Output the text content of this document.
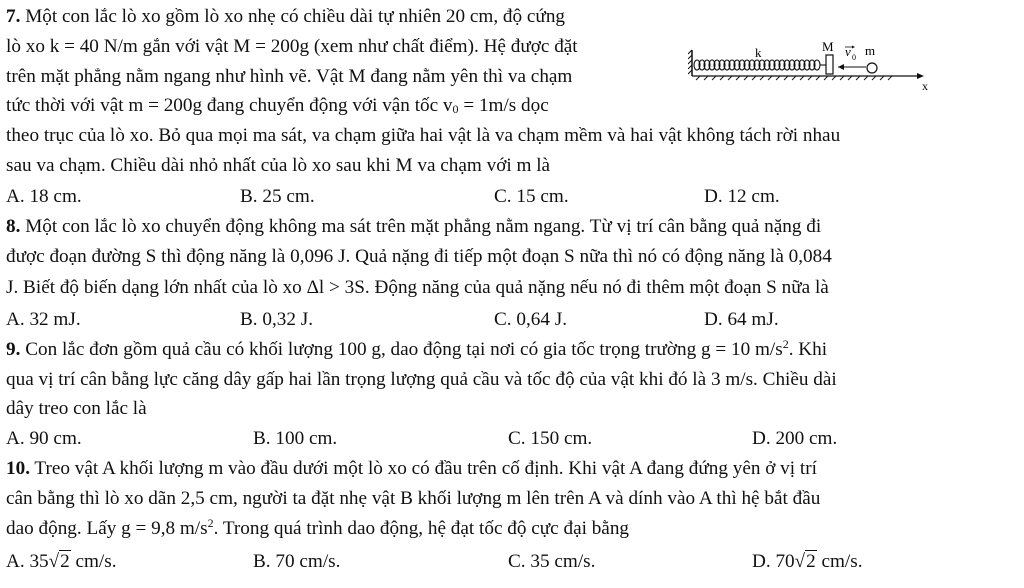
7. Một con lắc lò xo gồm lò xo nhẹ có chiều dài tự nhiên 20 cm, độ cứng
lò xo k = 40 N/m gắn với vật M = 200g (xem như chất điểm). Hệ được đặt
trên mặt phẳng nằm ngang như hình vẽ. Vật M đang nằm yên thì va chạm
tức thời với vật m = 200g đang chuyển động với vận tốc $v_0 = 1m/s$ dọc
theo trục của lò xo. Bỏ qua mọi ma sát, va chạm giữa hai vật là va chạm mềm và hai vật không tách rời nhau
sau va chạm. Chiều dài nhỏ nhất của lò xo sau khi M va chạm với m là
A. 18 cm.	B. 25 cm.	C. 15 cm.	D. 12 cm.
k	M v 0 m
x
8. Một con lắc lò xo chuyển động không ma sát trên mặt phẳng nằm ngang. Từ vị trí cân bằng quả nặng đi
được đoạn đường S thì động năng là 0,096 J. Quả nặng đi tiếp một đoạn S nữa thì nó có động năng là 0,084
J. Biết độ biến dạng lớn nhất của lò xo Δl > 3S. Động năng của quả nặng nếu nó đi thêm một đoạn S nữa là
A. 32 mJ.	B. 0,32 J.	C. 0,64 J.	D. 64 mJ.
9. Con lắc đơn gồm quả cầu có khối lượng 100 g, dao động tại nơi có gia tốc trọng trường g = 10 $m/s^2$. Khi
qua vị trí cân bằng lực căng dây gấp hai lần trọng lượng quả cầu và tốc độ của vật khi đó là 3 m/s. Chiều dài
dây treo con lắc là
A. 90 cm.	B. 100 cm.	C. 150 cm.	D. 200 cm.
10. Treo vật A khối lượng m vào đầu dưới một lò xo có đầu trên cố định. Khi vật A đang đứng yên ở vị trí
cân bằng thì lò xo dãn 2,5 cm, người ta đặt nhẹ vật B khối lượng m lên trên A và dính vào A thì hệ bắt đầu
dao động. Lấy g = 9,8 $m/s^2$. Trong quá trình dao động, hệ đạt tốc độ cực đại bằng
A. 35√2 cm/s.	B. 70 cm/s.	C. 35 cm/s.	D. 70√2 cm/s.
